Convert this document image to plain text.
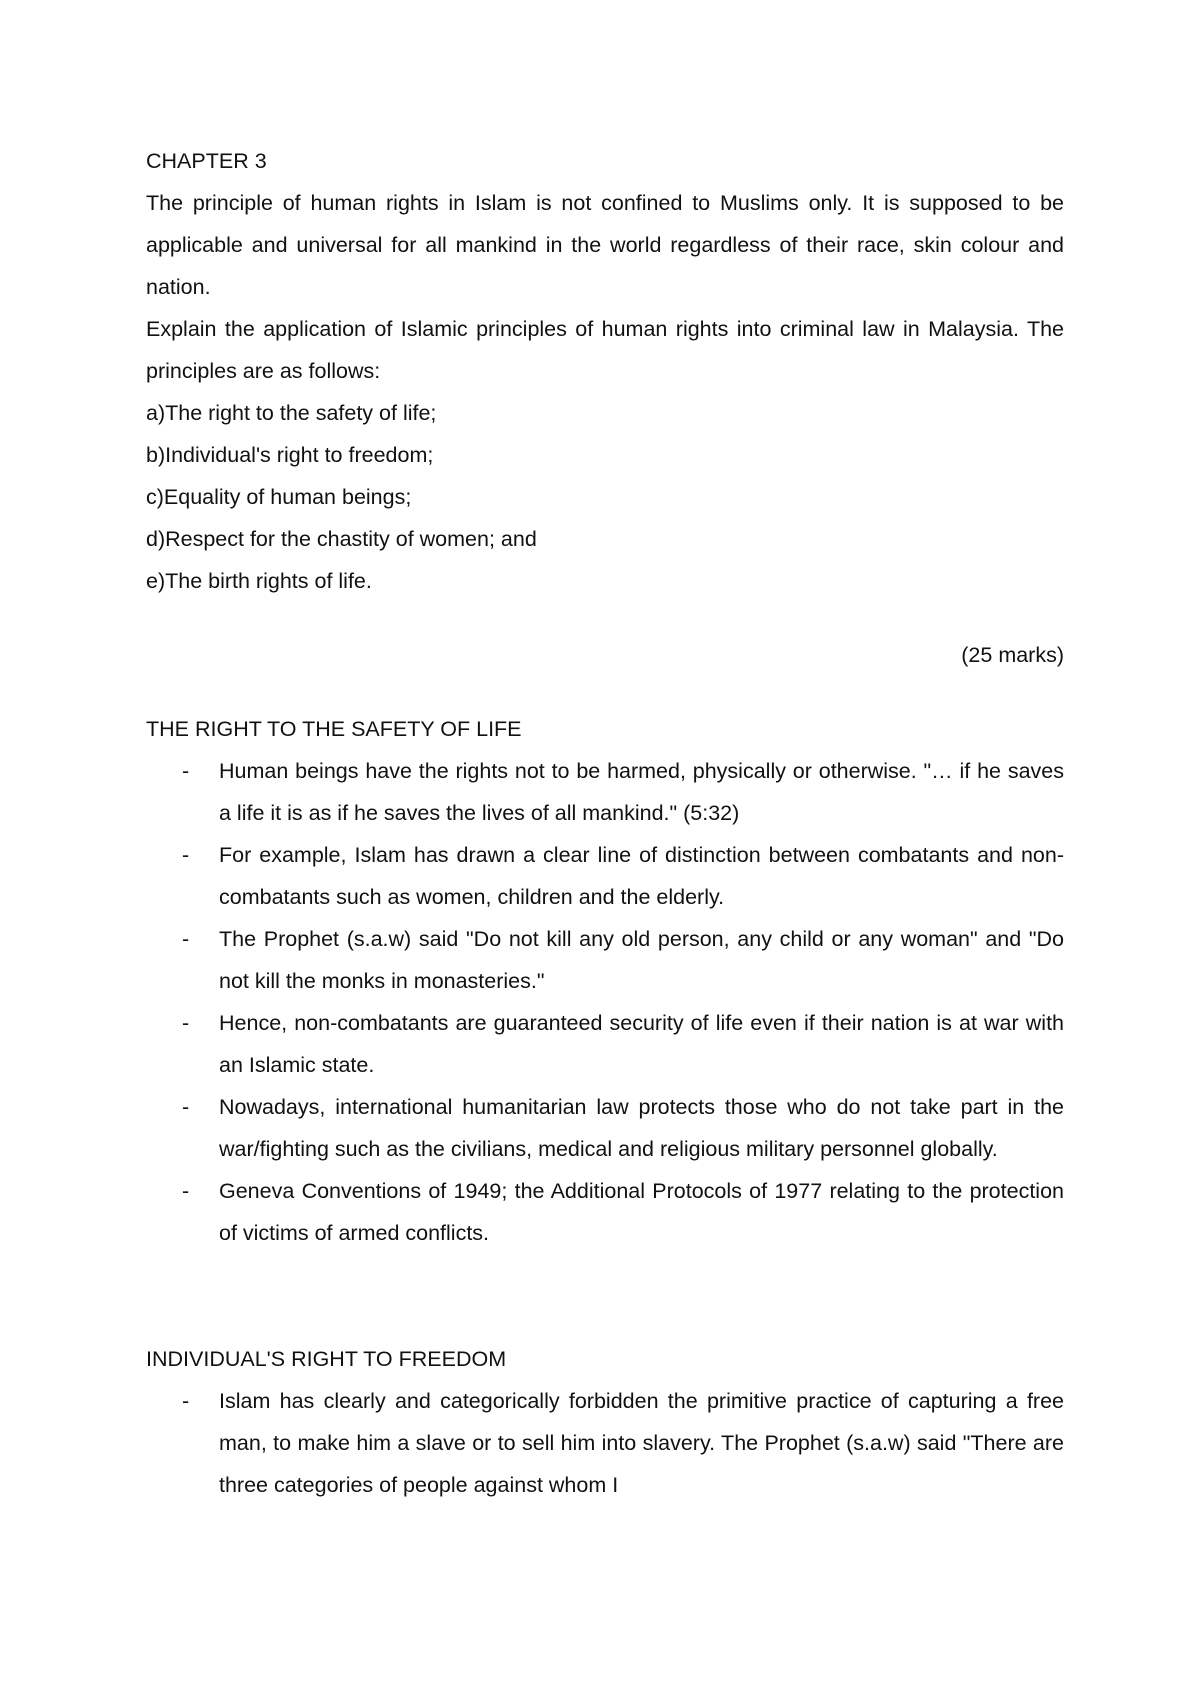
CHAPTER 3

The principle of human rights in Islam is not confined to Muslims only. It is supposed to be applicable and universal for all mankind in the world regardless of their race, skin colour and nation.

Explain the application of Islamic principles of human rights into criminal law in Malaysia. The principles are as follows:

a)The right to the safety of life;

b)Individual's right to freedom;

c)Equality of human beings;

d)Respect for the chastity of women; and

e)The birth rights of life.

(25 marks)

THE RIGHT TO THE SAFETY OF LIFE

- Human beings have the rights not to be harmed, physically or otherwise. "… if he saves a life it is as if he saves the lives of all mankind." (5:32)
- For example, Islam has drawn a clear line of distinction between combatants and non-combatants such as women, children and the elderly.
- The Prophet (s.a.w) said "Do not kill any old person, any child or any woman" and "Do not kill the monks in monasteries."
- Hence, non-combatants are guaranteed security of life even if their nation is at war with an Islamic state.
- Nowadays, international humanitarian law protects those who do not take part in the war/fighting such as the civilians, medical and religious military personnel globally.
- Geneva Conventions of 1949; the Additional Protocols of 1977 relating to the protection of victims of armed conflicts.

INDIVIDUAL'S RIGHT TO FREEDOM

- Islam has clearly and categorically forbidden the primitive practice of capturing a free man, to make him a slave or to sell him into slavery. The Prophet (s.a.w) said "There are three categories of people against whom I
